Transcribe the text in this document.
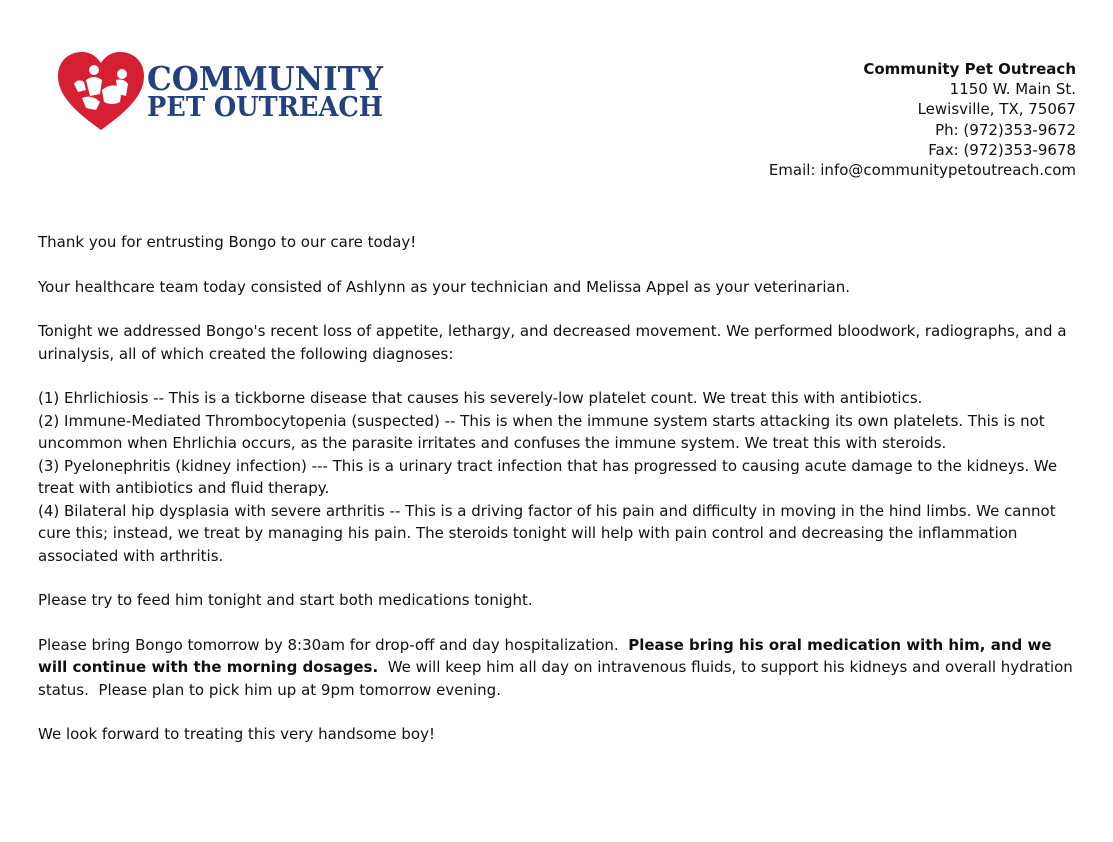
COMMUNITY
PET OUTREACH
Community Pet Outreach
1150 W. Main St.
Lewisville, TX, 75067
Ph: (972)353-9672
Fax: (972)353-9678
Email: info@communitypetoutreach.com

Thank you for entrusting Bongo to our care today!

Your healthcare team today consisted of Ashlynn as your technician and Melissa Appel as your veterinarian.

Tonight we addressed Bongo's recent loss of appetite, lethargy, and decreased movement. We performed bloodwork, radiographs, and a urinalysis, all of which created the following diagnoses:

(1) Ehrlichiosis -- This is a tickborne disease that causes his severely-low platelet count. We treat this with antibiotics.
(2) Immune-Mediated Thrombocytopenia (suspected) -- This is when the immune system starts attacking its own platelets. This is not uncommon when Ehrlichia occurs, as the parasite irritates and confuses the immune system. We treat this with steroids.
(3) Pyelonephritis (kidney infection) --- This is a urinary tract infection that has progressed to causing acute damage to the kidneys. We treat with antibiotics and fluid therapy.
(4) Bilateral hip dysplasia with severe arthritis -- This is a driving factor of his pain and difficulty in moving in the hind limbs. We cannot cure this; instead, we treat by managing his pain. The steroids tonight will help with pain control and decreasing the inflammation associated with arthritis.

Please try to feed him tonight and start both medications tonight.

Please bring Bongo tomorrow by 8:30am for drop-off and day hospitalization.  Please bring his oral medication with him, and we will continue with the morning dosages.  We will keep him all day on intravenous fluids, to support his kidneys and overall hydration status.  Please plan to pick him up at 9pm tomorrow evening.

We look forward to treating this very handsome boy!
